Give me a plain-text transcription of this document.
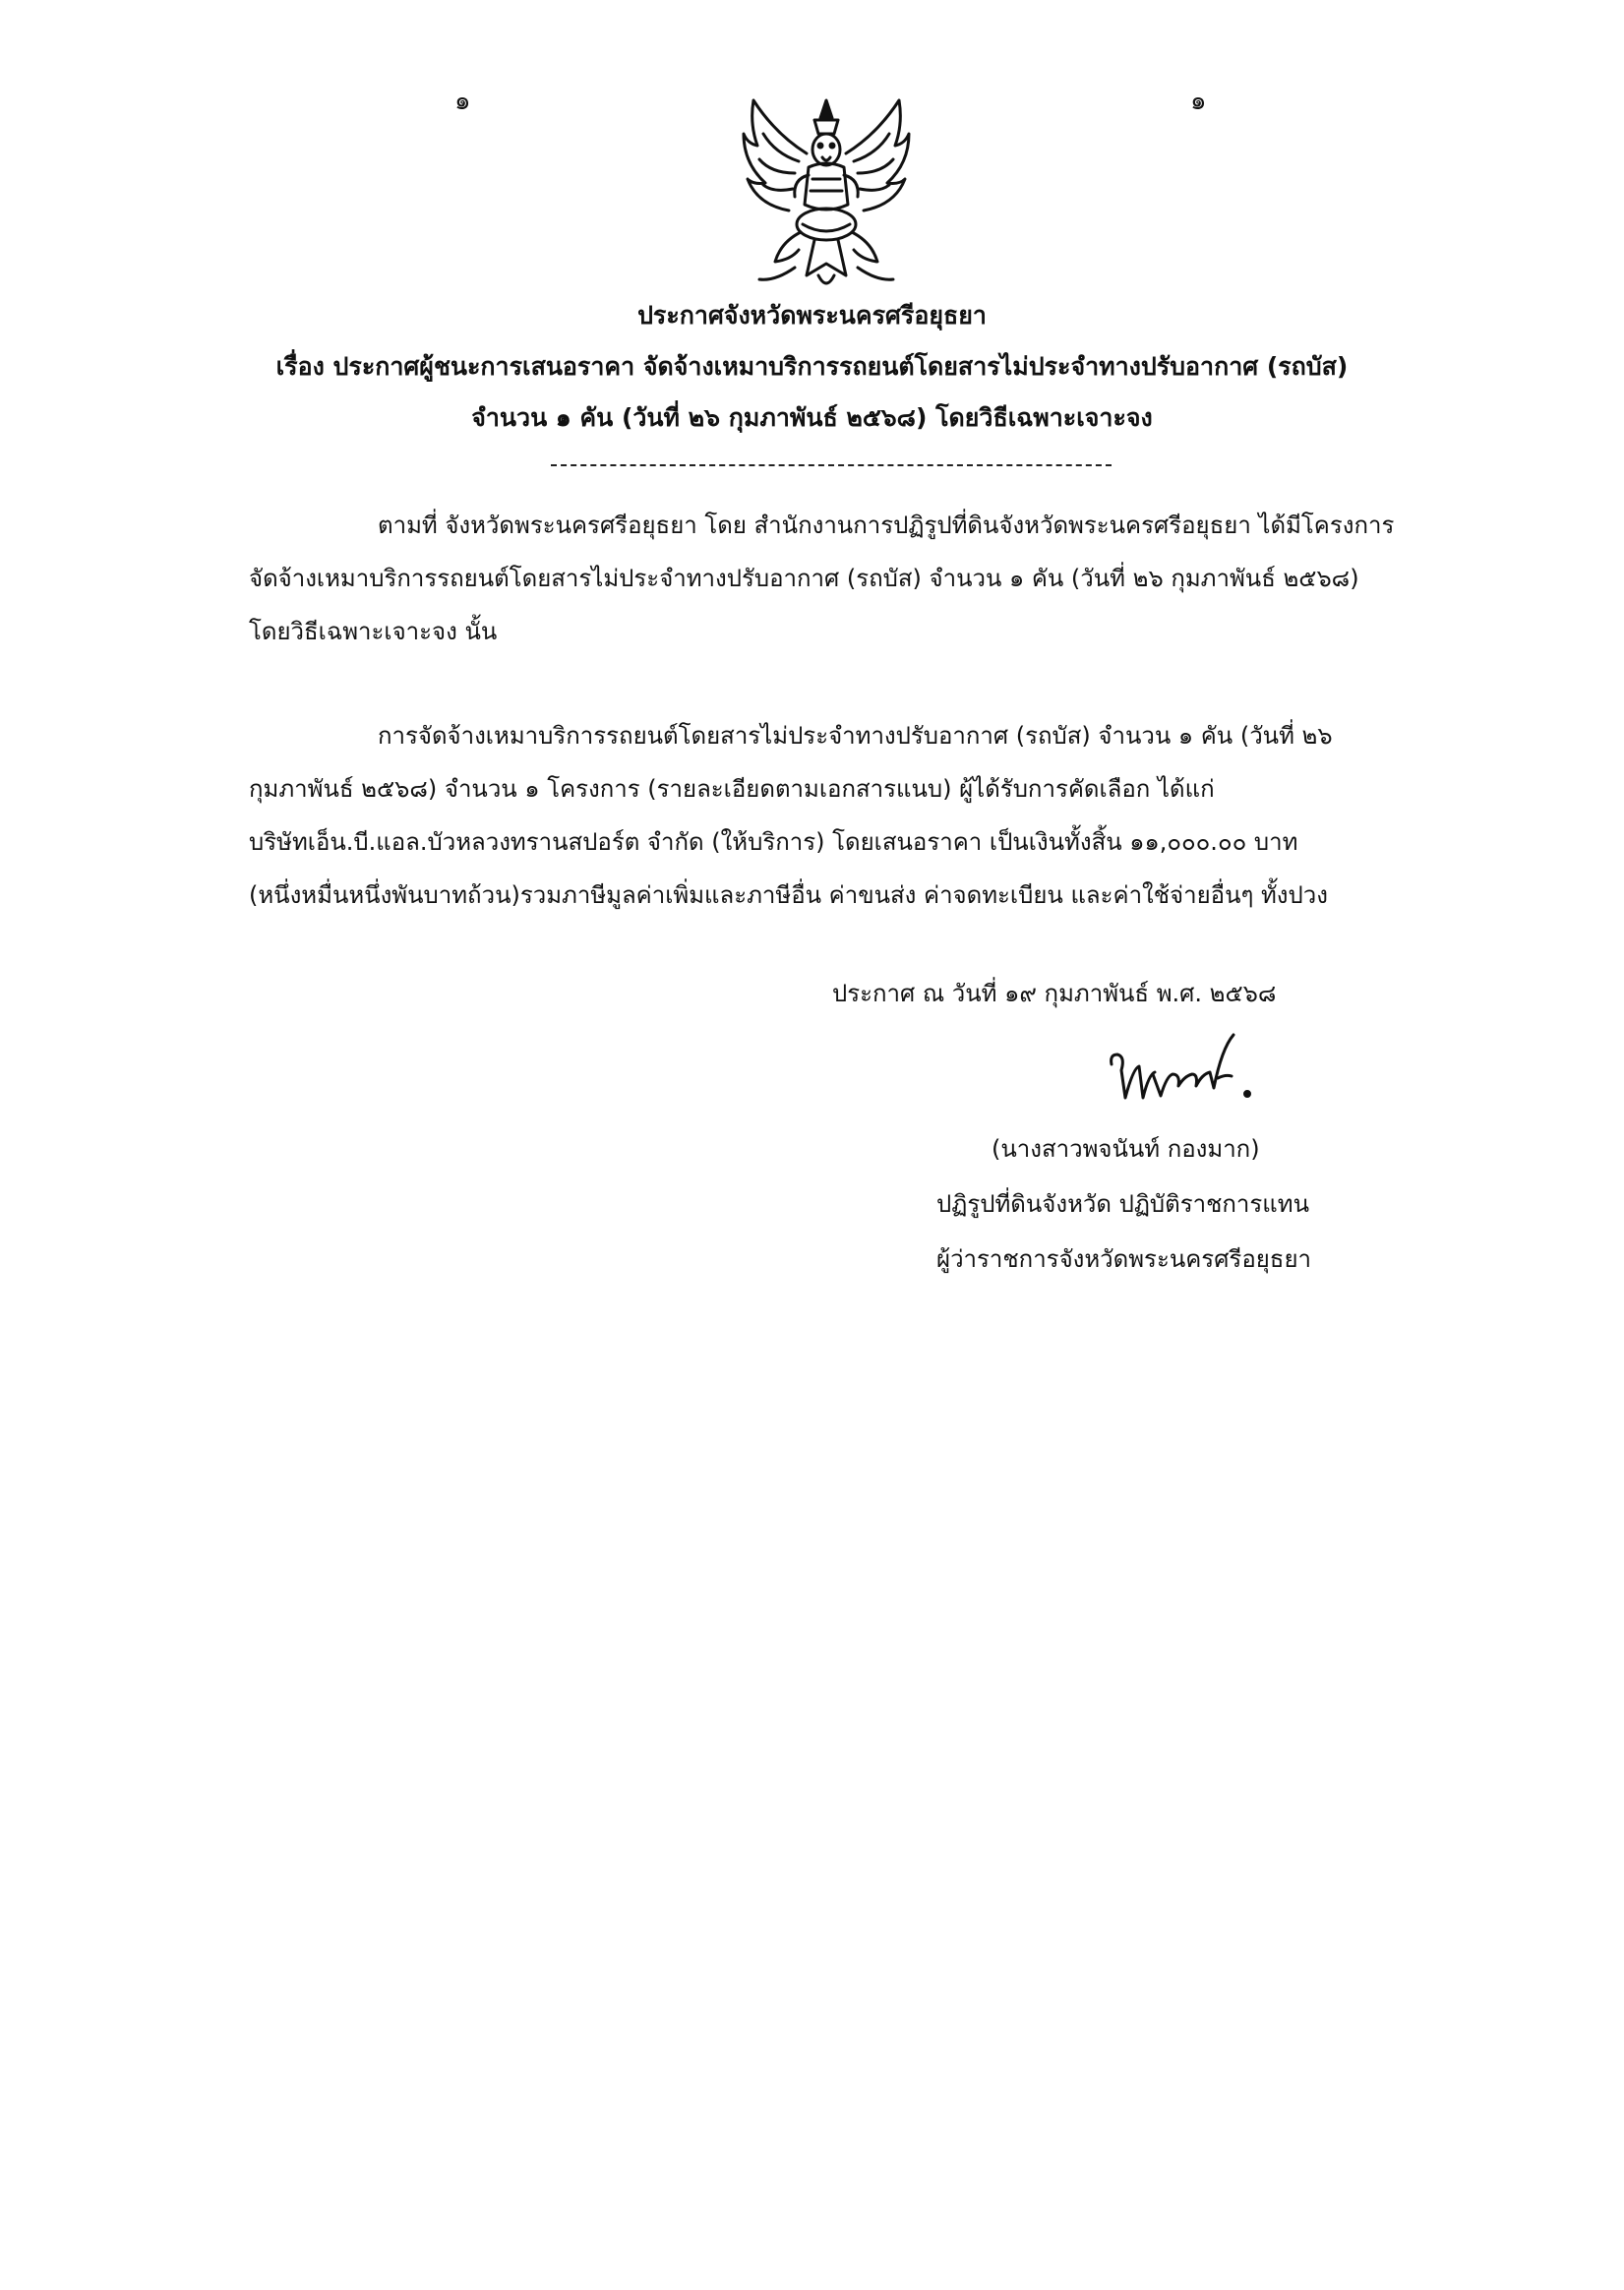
๑	๑
ประกาศจังหวัดพระนครศรีอยุธยา
เรื่อง ประกาศผู้ชนะการเสนอราคา จัดจ้างเหมาบริการรถยนต์โดยสารไม่ประจำทางปรับอากาศ (รถบัส)
จำนวน ๑ คัน (วันที่ ๒๖ กุมภาพันธ์ ๒๕๖๘) โดยวิธีเฉพาะเจาะจง
ตามที่ จังหวัดพระนครศรีอยุธยา โดย สำนักงานการปฏิรูปที่ดินจังหวัดพระนครศรีอยุธยา ได้มีโครงการ
จัดจ้างเหมาบริการรถยนต์โดยสารไม่ประจำทางปรับอากาศ (รถบัส) จำนวน ๑ คัน (วันที่ ๒๖ กุมภาพันธ์ ๒๕๖๘)
โดยวิธีเฉพาะเจาะจง นั้น
การจัดจ้างเหมาบริการรถยนต์โดยสารไม่ประจำทางปรับอากาศ (รถบัส) จำนวน ๑ คัน (วันที่ ๒๖
กุมภาพันธ์ ๒๕๖๘) จำนวน ๑ โครงการ (รายละเอียดตามเอกสารแนบ) ผู้ได้รับการคัดเลือก ได้แก่
บริษัทเอ็น.บี.แอล.บัวหลวงทรานสปอร์ต จำกัด (ให้บริการ) โดยเสนอราคา เป็นเงินทั้งสิ้น ๑๑,๐๐๐.๐๐ บาท
(หนึ่งหมื่นหนึ่งพันบาทถ้วน)รวมภาษีมูลค่าเพิ่มและภาษีอื่น ค่าขนส่ง ค่าจดทะเบียน และค่าใช้จ่ายอื่นๆ ทั้งปวง
ประกาศ ณ วันที่ ๑๙ กุมภาพันธ์ พ.ศ. ๒๕๖๘
(นางสาวพจนันท์ กองมาก)
ปฏิรูปที่ดินจังหวัด ปฏิบัติราชการแทน
ผู้ว่าราชการจังหวัดพระนครศรีอยุธยา
